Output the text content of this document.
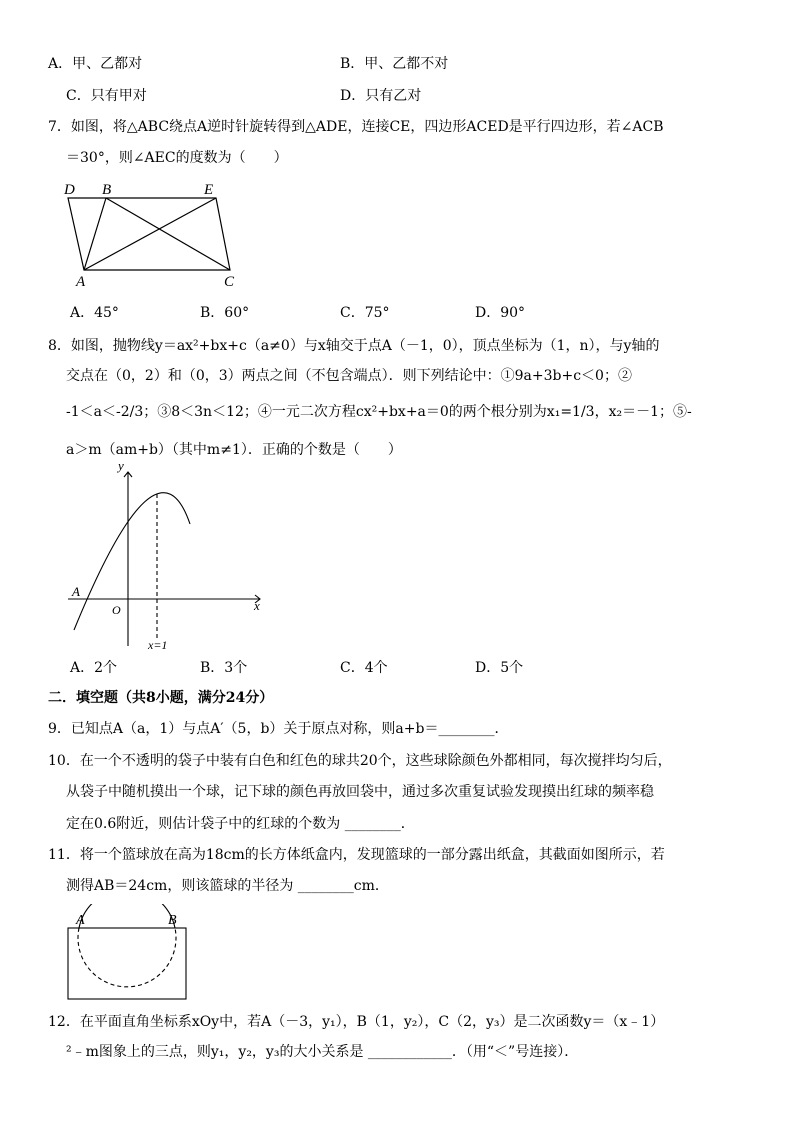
A．甲、乙都对	B．甲、乙都不对
C．只有甲对	D．只有乙对
7．如图，将△ABC绕点A逆时针旋转得到△ADE，连接CE，四边形ACED是平行四边形，若∠ACB
＝30°，则∠AEC的度数为（　　）
D B	E
A	C
A．45°	B．60°	C．75°	D．90°
8．如图，抛物线y＝ax²+bx+c（a≠0）与x轴交于点A（－1，0），顶点坐标为（1，n），与y轴的
交点在（0，2）和（0，3）两点之间（不包含端点）．则下列结论中：①9a+3b+c＜0；②
-1＜a＜-2/3；③8＜3n＜12；④一元二次方程cx²+bx+a＝0的两个根分别为x₁=1/3，x₂＝－1；⑤-
a＞m（am+b）（其中m≠1）．正确的个数是（　　）
y
x
A
O
x=1
A．2个	B．3个	C．4个	D．5个
二．填空题（共8小题，满分24分）
9．已知点A（a，1）与点A′（5，b）关于原点对称，则a+b＝________．
10．在一个不透明的袋子中装有白色和红色的球共20个，这些球除颜色外都相同，每次搅拌均匀后，
从袋子中随机摸出一个球，记下球的颜色再放回袋中，通过多次重复试验发现摸出红球的频率稳
定在0.6附近，则估计袋子中的红球的个数为 ________．
11．将一个篮球放在高为18cm的长方体纸盒内，发现篮球的一部分露出纸盒，其截面如图所示，若
测得AB＝24cm，则该篮球的半径为 ________cm．
A	B
12．在平面直角坐标系xOy中，若A（－3，y₁），B（1，y₂），C（2，y₃）是二次函数y＝（x﹣1）
²﹣m图象上的三点，则y₁，y₂，y₃的大小关系是 ____________．（用“＜”号连接）．
